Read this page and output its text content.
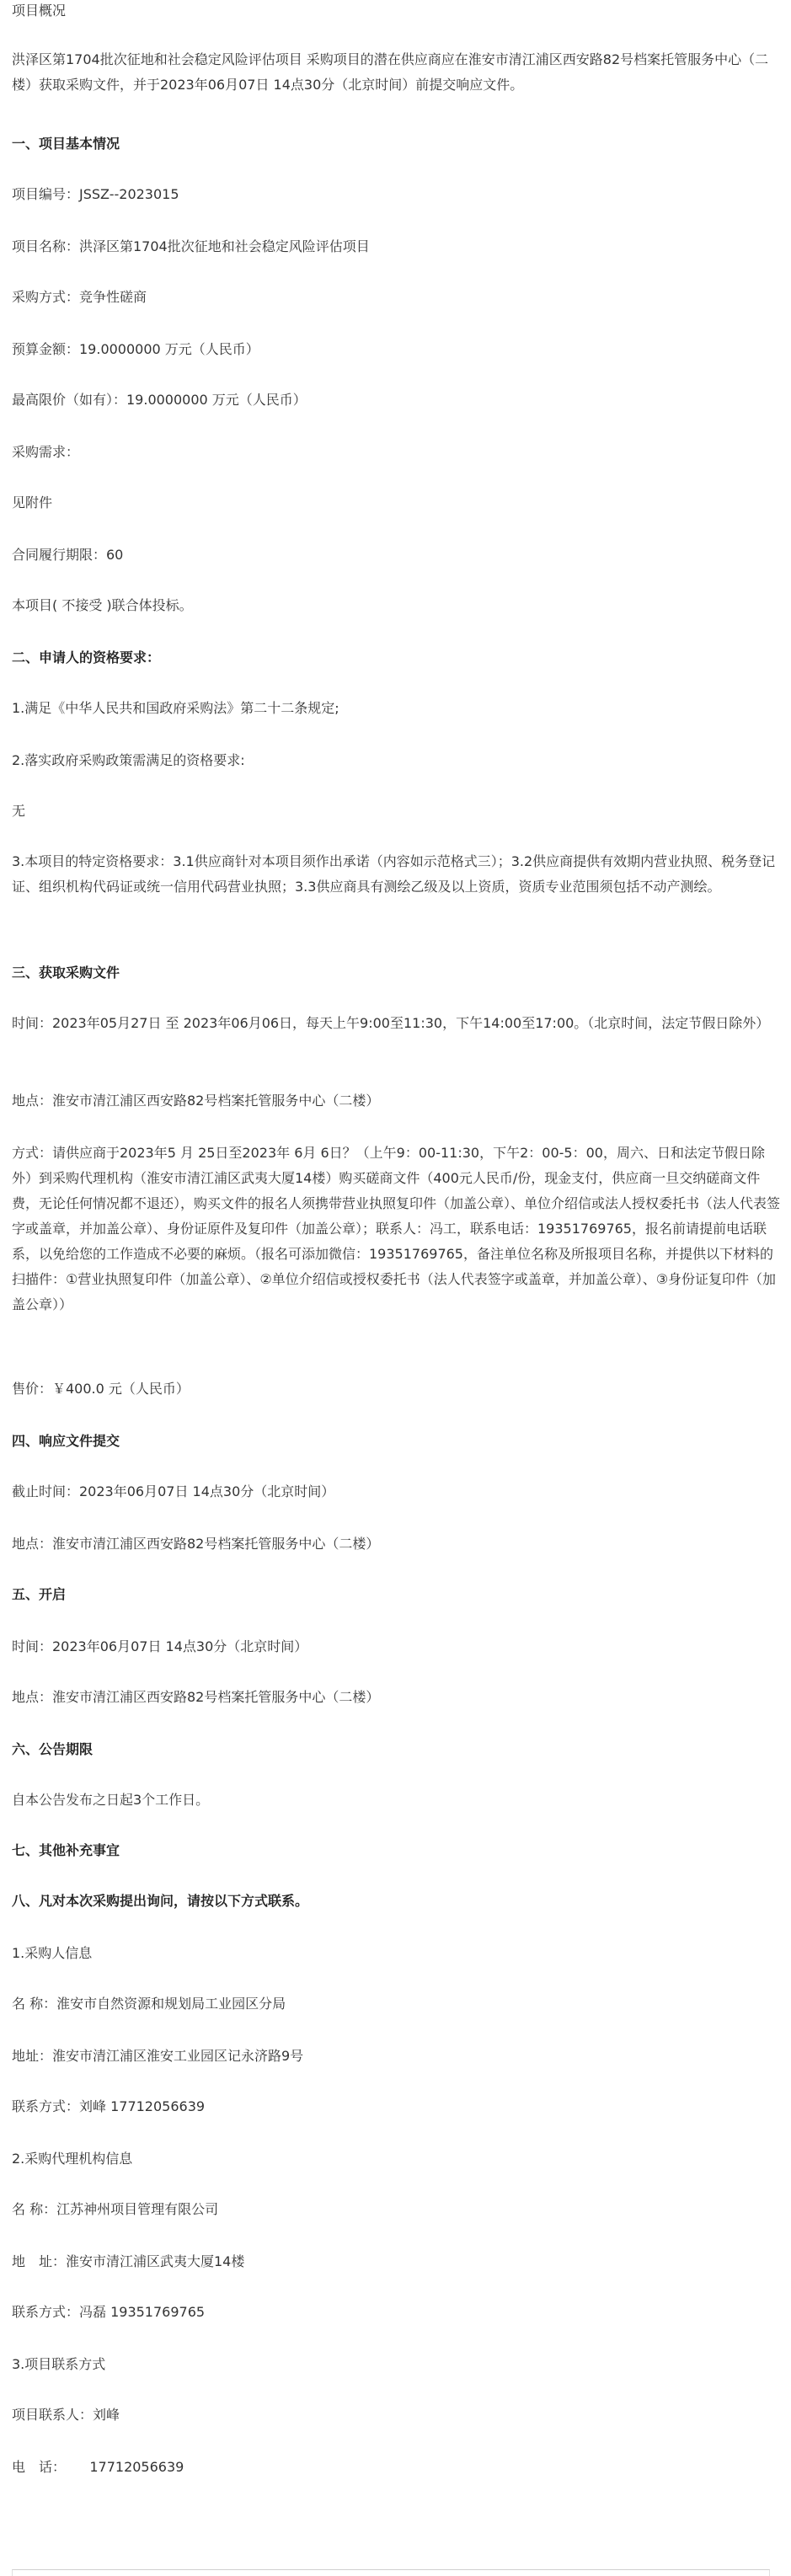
项目概况
洪泽区第1704批次征地和社会稳定风险评估项目 采购项目的潜在供应商应在淮安市清江浦区西安路82号档案托管服务中心（二楼）获取采购文件，并于2023年06月07日 14点30分（北京时间）前提交响应文件。
一、项目基本情况
项目编号：JSSZ--2023015
项目名称：洪泽区第1704批次征地和社会稳定风险评估项目
采购方式：竞争性磋商
预算金额：19.0000000 万元（人民币）
最高限价（如有）：19.0000000 万元（人民币）
采购需求：
见附件
合同履行期限：60
本项目( 不接受 )联合体投标。
二、申请人的资格要求：
1.满足《中华人民共和国政府采购法》第二十二条规定;
2.落实政府采购政策需满足的资格要求:
无
3.本项目的特定资格要求：3.1供应商针对本项目须作出承诺（内容如示范格式三）；3.2供应商提供有效期内营业执照、税务登记证、组织机构代码证或统一信用代码营业执照；3.3供应商具有测绘乙级及以上资质，资质专业范围须包括不动产测绘。
三、获取采购文件
时间：2023年05月27日 至 2023年06月06日，每天上午9:00至11:30，下午14:00至17:00。（北京时间，法定节假日除外）
地点：淮安市清江浦区西安路82号档案托管服务中心（二楼）
方式：请供应商于2023年5 月 25日至2023年 6月 6日？（上午9：00-11:30，下午2：00-5：00，周六、日和法定节假日除外）到采购代理机构（淮安市清江浦区武夷大厦14楼）购买磋商文件（400元人民币/份，现金支付，供应商一旦交纳磋商文件费，无论任何情况都不退还），购买文件的报名人须携带营业执照复印件（加盖公章）、单位介绍信或法人授权委托书（法人代表签字或盖章，并加盖公章）、身份证原件及复印件（加盖公章）；联系人：冯工，联系电话：19351769765，报名前请提前电话联系，以免给您的工作造成不必要的麻烦。（报名可添加微信：19351769765，备注单位名称及所报项目名称，并提供以下材料的扫描件：①营业执照复印件（加盖公章）、②单位介绍信或授权委托书（法人代表签字或盖章，并加盖公章）、③身份证复印件（加盖公章））
售价：￥400.0 元（人民币）
四、响应文件提交
截止时间：2023年06月07日 14点30分（北京时间）
地点：淮安市清江浦区西安路82号档案托管服务中心（二楼）
五、开启
时间：2023年06月07日 14点30分（北京时间）
地点：淮安市清江浦区西安路82号档案托管服务中心（二楼）
六、公告期限
自本公告发布之日起3个工作日。
七、其他补充事宜
八、凡对本次采购提出询问，请按以下方式联系。
1.采购人信息
名 称：淮安市自然资源和规划局工业园区分局
地址：淮安市清江浦区淮安工业园区记永济路9号
联系方式：刘峰 17712056639
2.采购代理机构信息
名 称：江苏神州项目管理有限公司
地　址：淮安市清江浦区武夷大厦14楼
联系方式：冯磊 19351769765
3.项目联系方式
项目联系人：刘峰
电　话：　    17712056639
